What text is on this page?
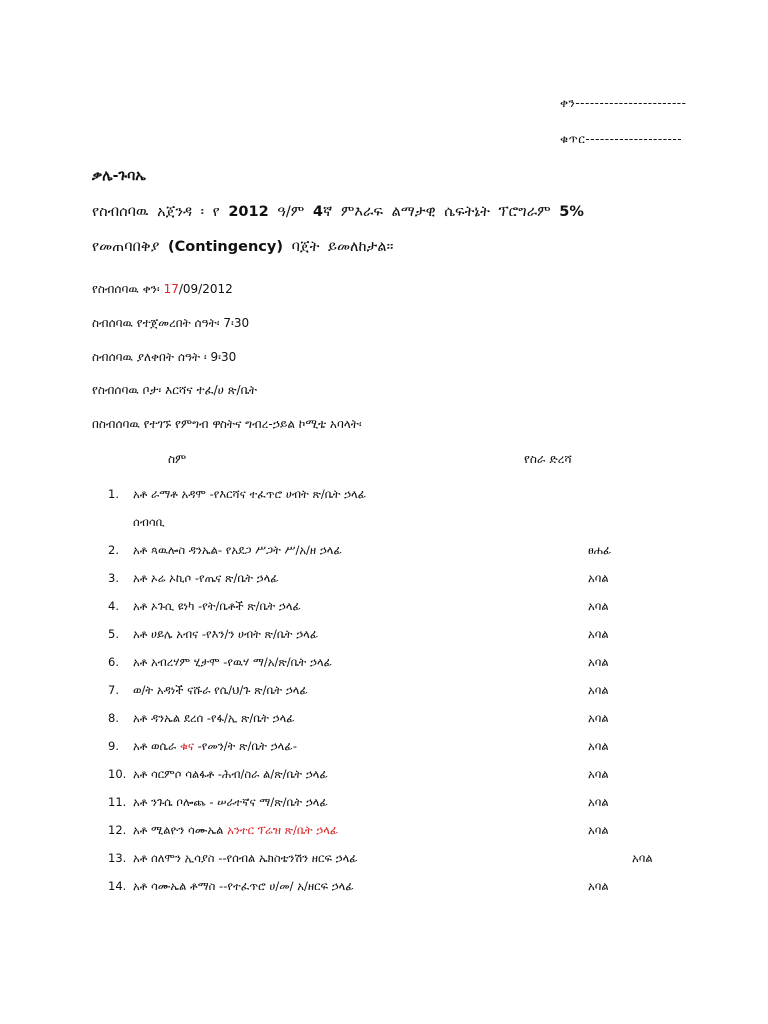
ቀን-----------------------
ቁጥር--------------------
ቃሌ-ጉባኤ
የስብሰባዉ አጀንዳ ፡ የ 2012 ዓ/ም 4ኛ ምእራፍ ልማታዊ ሴፍትኔት ፕሮግራም 5%
የመጠባበቅያ (Contingency) ባጀት ይመለከታል።
የስብሰባዉ ቀን፡ 17/09/2012
ስብሰባዉ የተጀመረበት ሰዓት፡ 7፡30
ስብሰባዉ ያለቀበት ሰዓት ፡ 9፡30
የስብሰባዉ ቦታ፡ እርሻና ተፈ/ሀ ጽ/ቤት
በስብሰባዉ የተገኙ የምግብ ዋስትና ግብረ-ኃይል ኮሚቴ አባላት፡
ስም	የስራ ድረሻ
1.	አቶ ራማቶ አዳሞ -የእርሻና ተፈጥሮ ሀብት ጽ/ቤት ኃላፊ
ሰብሳቢ
2.	አቶ ጳዉሎስ ዳንኤል- የአደጋ ሥጋት ሥ/አ/ዘ ኃላፊ	ፀሐፊ
3.	አቶ ኦሬ ኦኪሶ -የጤና ጽ/ቤት ኃላፊ	አባል
4.	አቶ ኦጉሲ ዩነካ -የት/ቤቶች ጽ/ቤት ኃላፊ	አባል
5.	አቶ ሀይሌ አብና -የእን/ን ሀብት ጽ/ቤት ኃላፊ	አባል
6.	አቶ አብረሃም ሂታሞ -የዉሃ ማ/አ/ጽ/ቤት ኃላፊ	አባል
7.	ወ/ት አዳነች ናሹራ የሴ/ህ/ጉ ጽ/ቤት ኃላፊ	አባል
8.	አቶ ዳንኤል ደረሰ -የፋ/ኢ ጽ/ቤት ኃላፊ	አባል
9.	አቶ ወሴራ ቁና -የመን/ት ጽ/ቤት ኃላፊ-	አባል
10. አቶ ሳርምሶ ሳልፋቶ -ሕብ/ስራ ል/ጽ/ቤት ኃላፊ	አባል
11. አቶ ንጉሴ ቦሎጨ - ሠራተኛና ማ/ጽ/ቤት ኃላፊ	አባል
12. አቶ ሚልዮን ሳሙኤል አንተር ፕሬዝ ጽ/ቤት ኃላፊ	አባል
13. አቶ ሰለሞን ኢሳያስ --የሰብል ኤክስቴንሽን ዘርፍ ኃላፊ	አባል
14. አቶ ሳሙኤል ቶማስ --የተፈጥሮ ሀ/መ/ አ/ዘርፍ ኃላፊ	አባል
